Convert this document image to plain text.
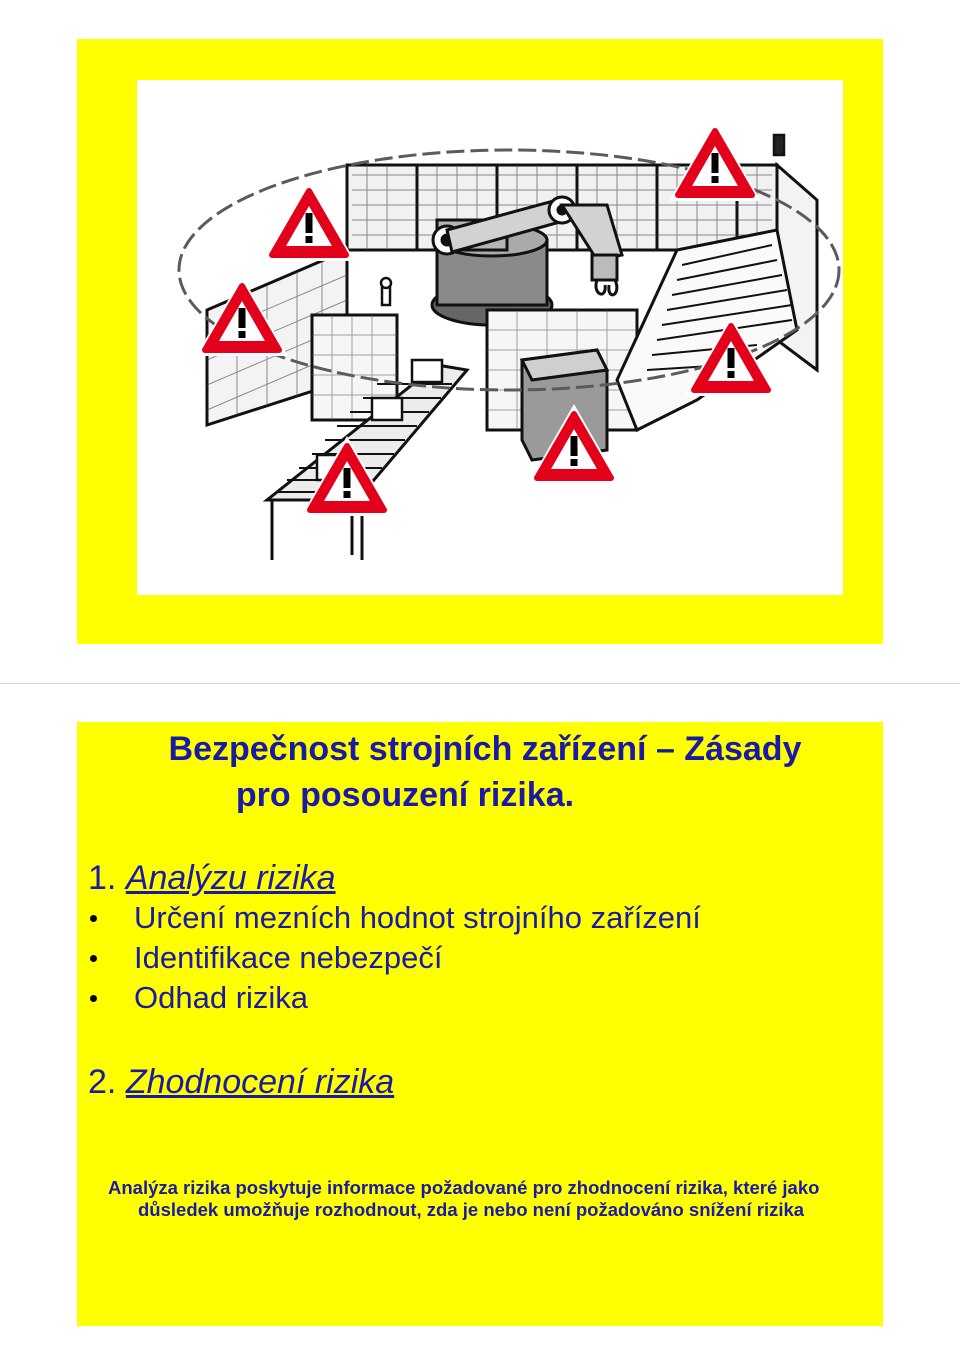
Bezpečnost strojních zařízení – Zásady
pro posouzení rizika.
1. Analýzu rizika
Určení mezních hodnot strojního zařízení
Identifikace nebezpečí
Odhad rizika
2. Zhodnocení rizika

Analýza rizika poskytuje informace požadované pro zhodnocení rizika, které jako důsledek umožňuje rozhodnout, zda je nebo není požadováno snížení rizika
